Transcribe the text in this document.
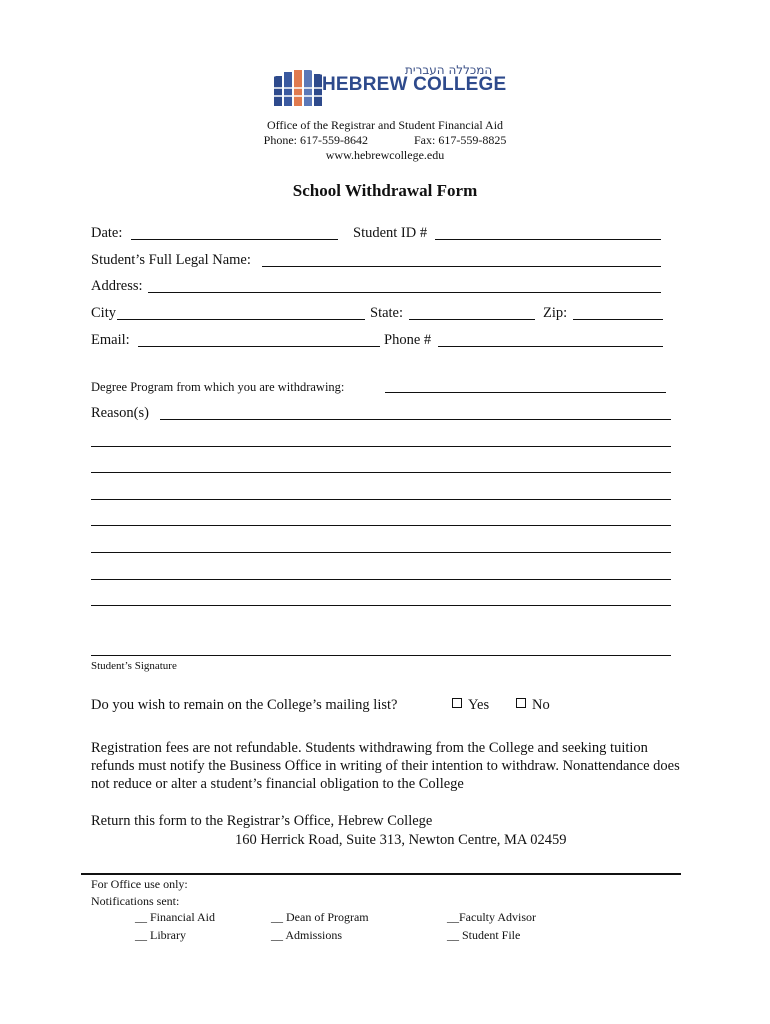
המכללה העברית
HEBREW COLLEGE
Office of the Registrar and Student Financial Aid
Phone: 617-559-8642	Fax: 617-559-8825
www.hebrewcollege.edu
School Withdrawal Form
Date:	Student ID #
Student’s Full Legal Name:
Address:
City	State:	Zip:
Email:	Phone #
Degree Program from which you are withdrawing:
Reason(s)
Student’s Signature
Do you wish to remain on the College’s mailing list?	Yes	No
Registration fees are not refundable. Students withdrawing from the College and seeking tuition refunds must notify the Business Office in writing of their intention to withdraw. Nonattendance does not reduce or alter a student’s financial obligation to the College
Return this form to the Registrar’s Office, Hebrew College
160 Herrick Road, Suite 313, Newton Centre, MA 02459
For Office use only:
Notifications sent:
__ Financial Aid	__ Dean of Program	__Faculty Advisor
__ Library	__ Admissions	__ Student File
